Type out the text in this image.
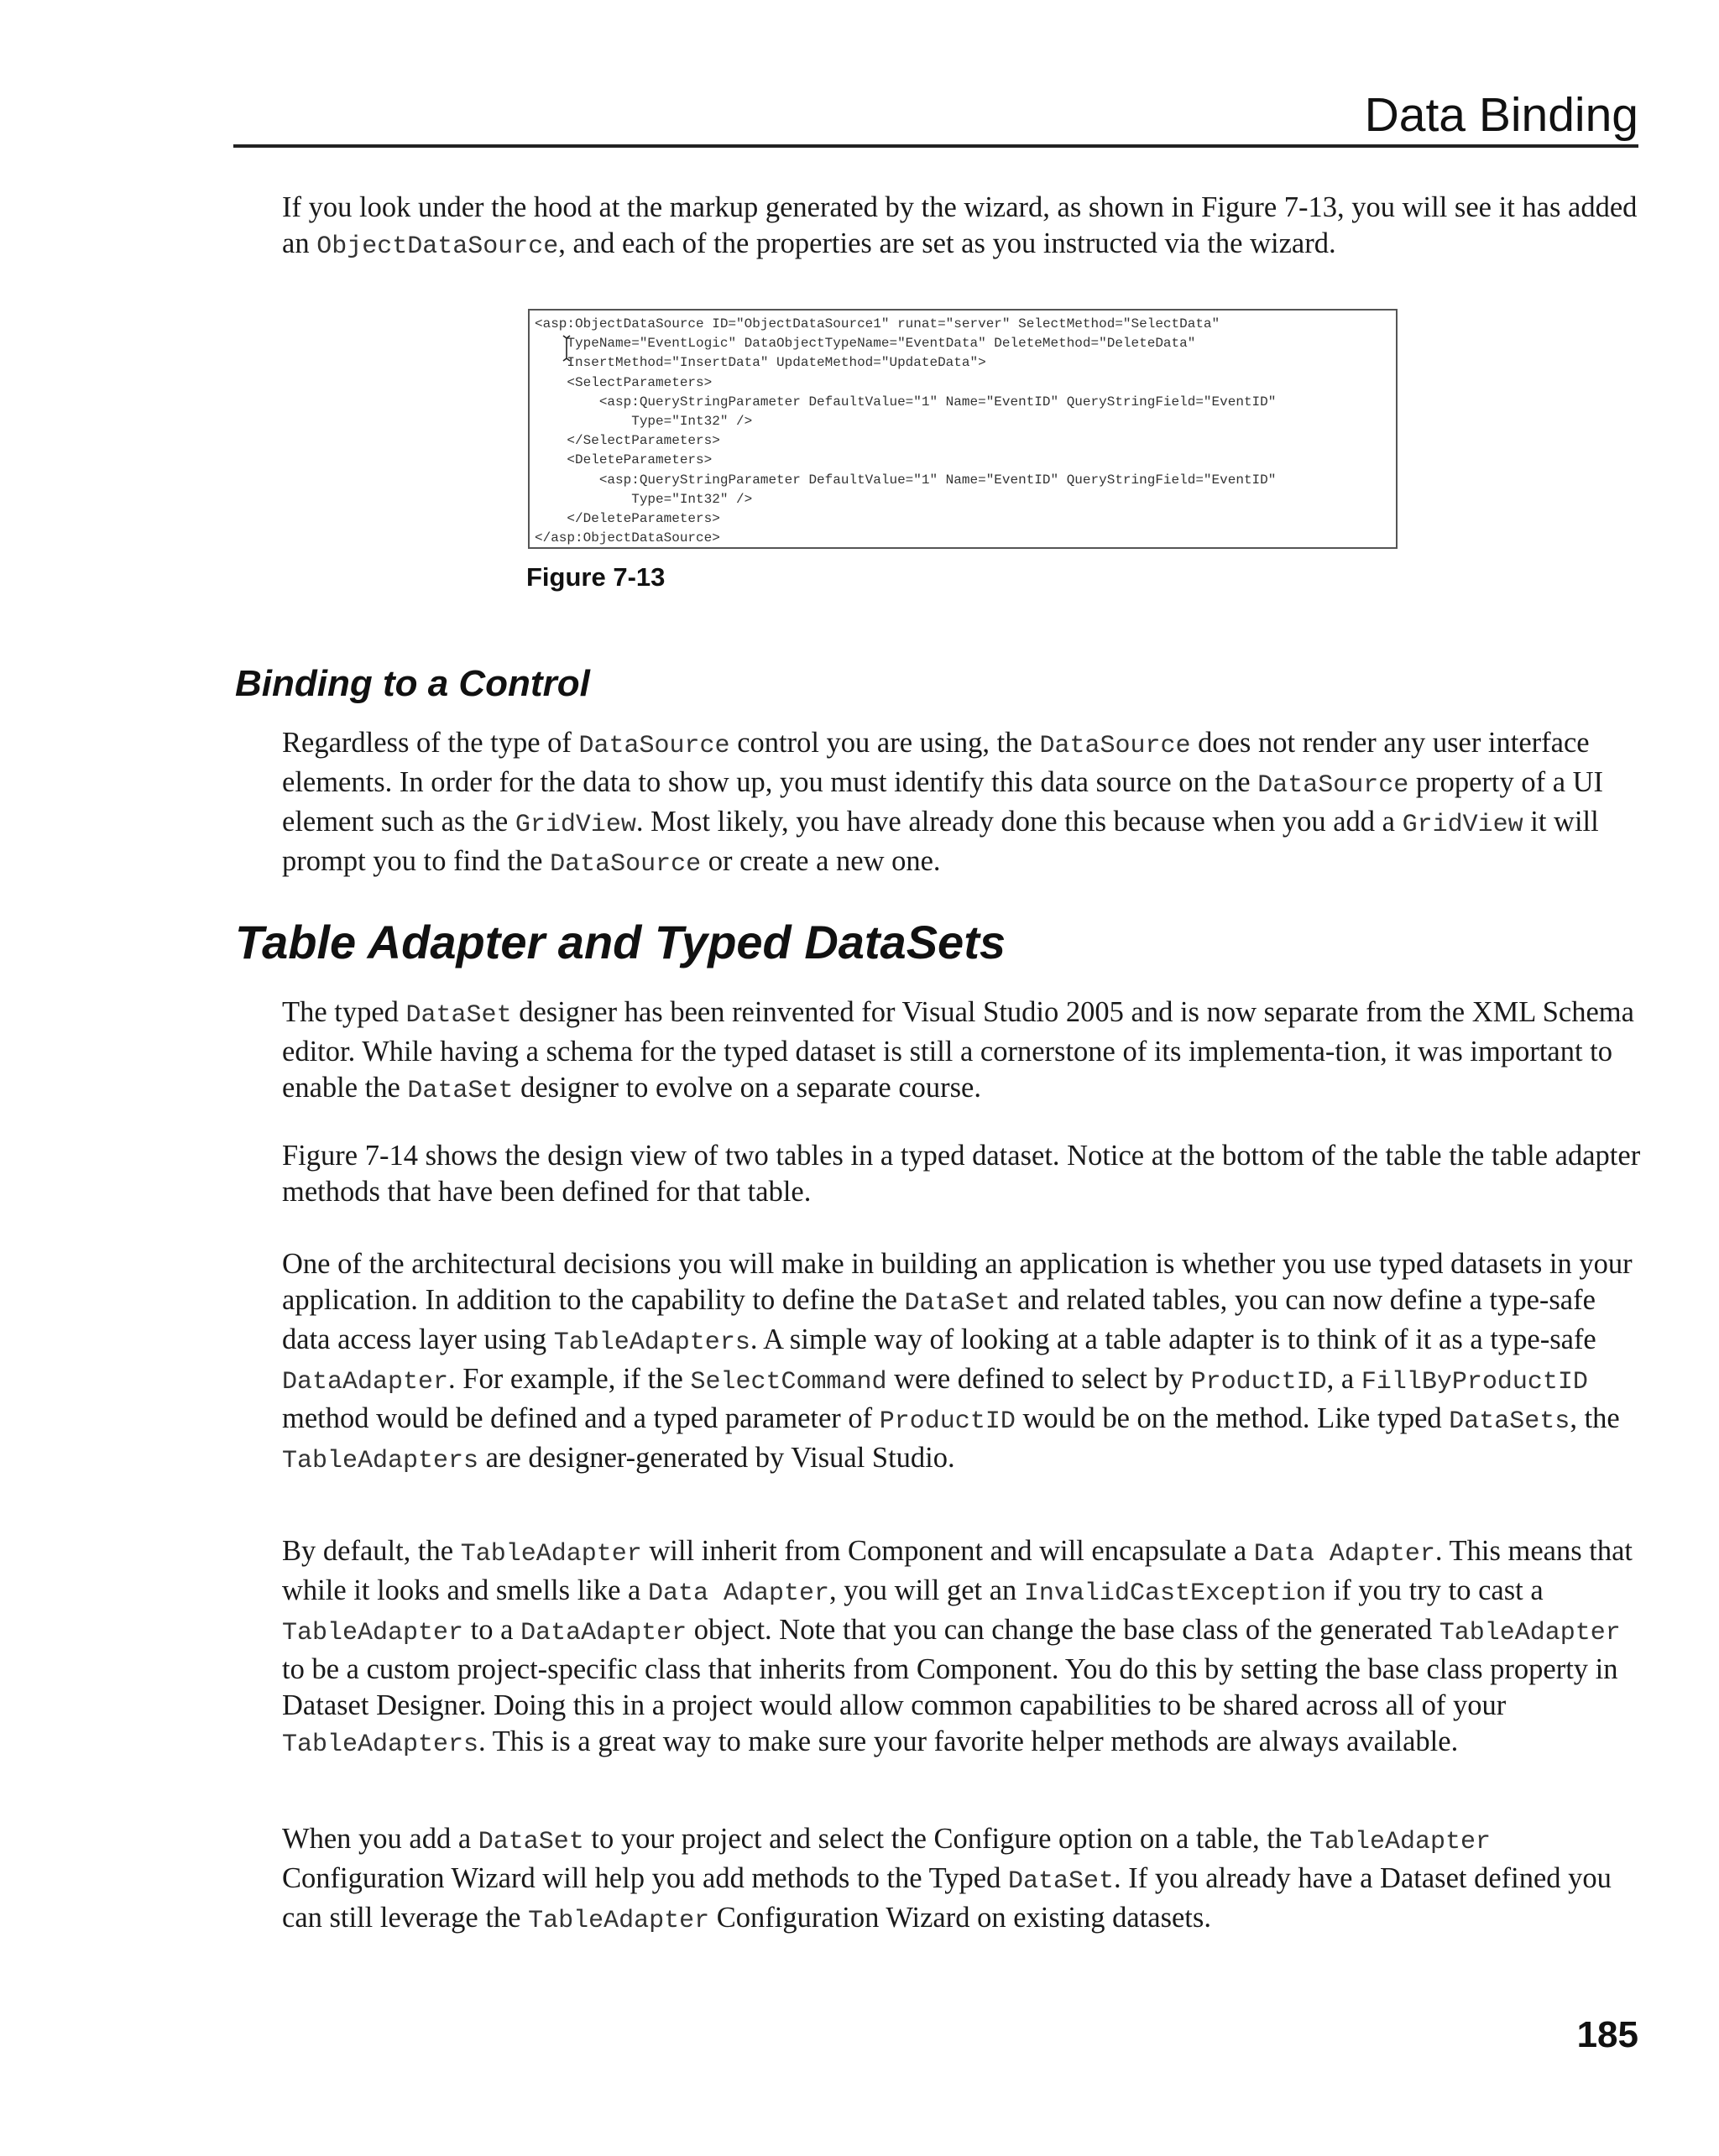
Data Binding

If you look under the hood at the markup generated by the wizard, as shown in Figure 7-13, you will see it has added an ObjectDataSource, and each of the properties are set as you instructed via the wizard.

<asp:ObjectDataSource ID="ObjectDataSource1" runat="server" SelectMethod="SelectData"
TypeName="EventLogic" DataObjectTypeName="EventData" DeleteMethod="DeleteData"
InsertMethod="InsertData" UpdateMethod="UpdateData">
<SelectParameters>
<asp:QueryStringParameter DefaultValue="1" Name="EventID" QueryStringField="EventID"
Type="Int32" />
</SelectParameters>
<DeleteParameters>
<asp:QueryStringParameter DefaultValue="1" Name="EventID" QueryStringField="EventID"
Type="Int32" />
</DeleteParameters>
</asp:ObjectDataSource>
Figure 7-13
Binding to a Control

Regardless of the type of DataSource control you are using, the DataSource does not render any user interface elements. In order for the data to show up, you must identify this data source on the DataSource property of a UI element such as the GridView. Most likely, you have already done this because when you add a GridView it will prompt you to find the DataSource or create a new one.

Table Adapter and Typed DataSets

The typed DataSet designer has been reinvented for Visual Studio 2005 and is now separate from the XML Schema editor. While having a schema for the typed dataset is still a cornerstone of its implementa-tion, it was important to enable the DataSet designer to evolve on a separate course.

Figure 7-14 shows the design view of two tables in a typed dataset. Notice at the bottom of the table the table adapter methods that have been defined for that table.

One of the architectural decisions you will make in building an application is whether you use typed datasets in your application. In addition to the capability to define the DataSet and related tables, you can now define a type-safe data access layer using TableAdapters. A simple way of looking at a table adapter is to think of it as a type-safe DataAdapter. For example, if the SelectCommand were defined to select by ProductID, a FillByProductID method would be defined and a typed parameter of ProductID would be on the method. Like typed DataSets, the TableAdapters are designer-generated by Visual Studio.

By default, the TableAdapter will inherit from Component and will encapsulate a Data Adapter. This means that while it looks and smells like a Data Adapter, you will get an InvalidCastException if you try to cast a TableAdapter to a DataAdapter object. Note that you can change the base class of the generated TableAdapter to be a custom project-specific class that inherits from Component. You do this by setting the base class property in Dataset Designer. Doing this in a project would allow common capabilities to be shared across all of your TableAdapters. This is a great way to make sure your favorite helper methods are always available.

When you add a DataSet to your project and select the Configure option on a table, the TableAdapter Configuration Wizard will help you add methods to the Typed DataSet. If you already have a Dataset defined you can still leverage the TableAdapter Configuration Wizard on existing datasets.

185
